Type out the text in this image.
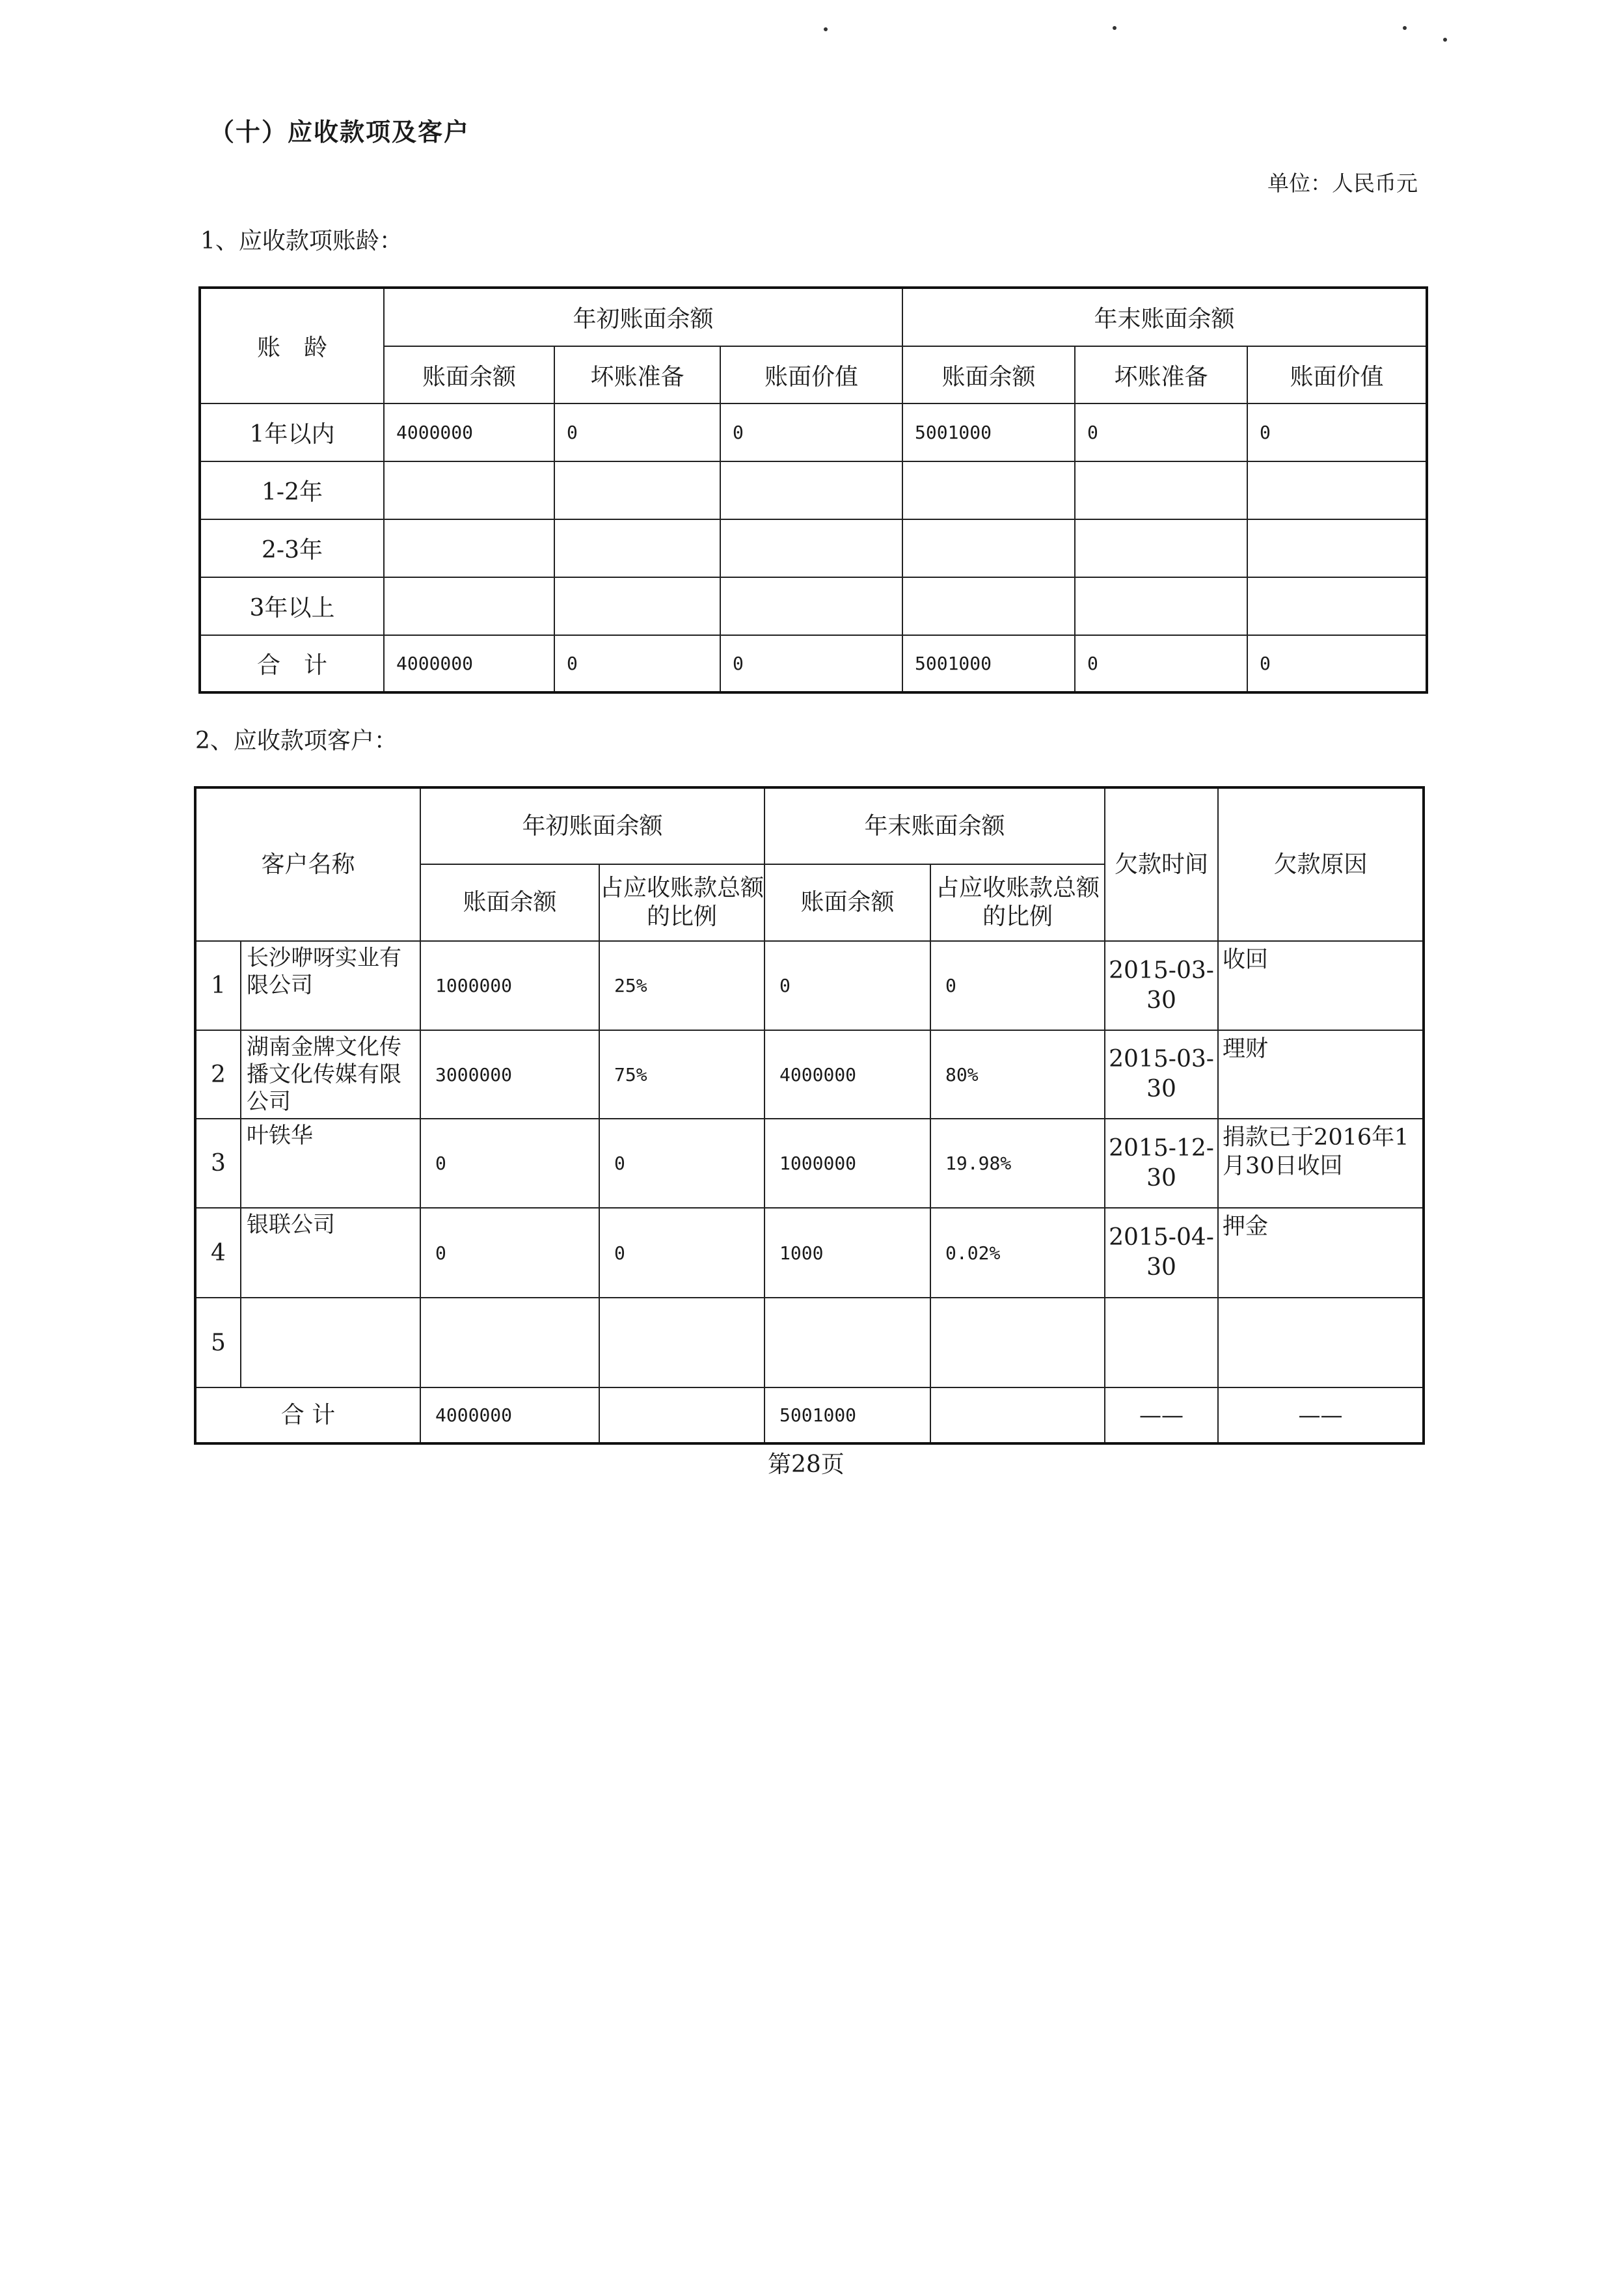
（十）应收款项及客户
单位：人民币元
1、应收款项账龄：
账　龄	年初账面余额			年末账面余额		
	账面余额	坏账准备	账面价值	账面余额	坏账准备	账面价值
1年以内	4000000	0	0	5001000	0	0
1-2年						
2-3年						
3年以上						
合　计	4000000	0	0	5001000	0	0
2、应收款项客户：
客户名称		年初账面余额		年末账面余额		欠款时间	欠款原因
		账面余额	占应收账款总额的比例	账面余额	占应收账款总额的比例		
1	长沙咿呀实业有限公司	1000000	25%	0	0	2015-03-30	收回
2	湖南金牌文化传播文化传媒有限公司	3000000	75%	4000000	80%	2015-03-30	理财
3	叶铁华	0	0	1000000	19.98%	2015-12-30	捐款已于2016年1月30日收回
4	银联公司	0	0	1000	0.02%	2015-04-30	押金
5							
合 计		4000000		5001000		——	——
第28页
